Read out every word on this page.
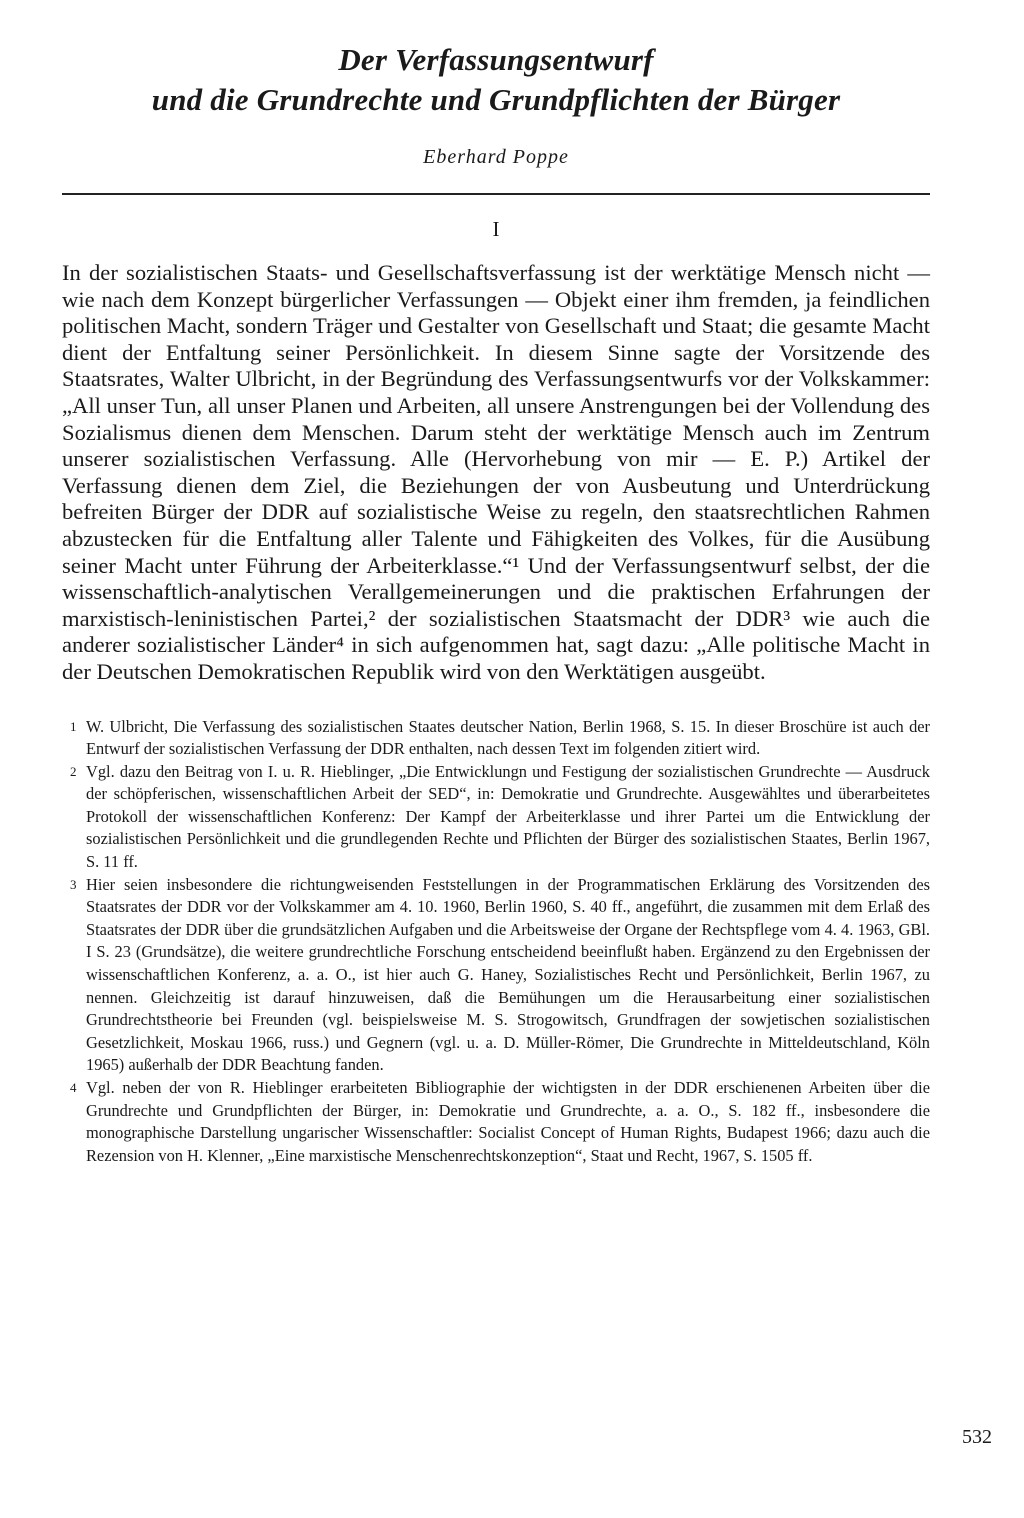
Der Verfassungsentwurf
und die Grundrechte und Grundpflichten der Bürger
Eberhard Poppe
I

In der sozialistischen Staats- und Gesellschaftsverfassung ist der werktätige Mensch nicht — wie nach dem Konzept bürgerlicher Verfassungen — Objekt einer ihm fremden, ja feindlichen politischen Macht, sondern Träger und Gestalter von Gesellschaft und Staat; die gesamte Macht dient der Entfaltung seiner Persönlichkeit. In diesem Sinne sagte der Vorsitzende des Staatsrates, Walter Ulbricht, in der Begründung des Verfassungsentwurfs vor der Volkskammer: „All unser Tun, all unser Planen und Arbeiten, all unsere Anstrengungen bei der Vollendung des Sozialismus dienen dem Menschen. Darum steht der werktätige Mensch auch im Zentrum unserer sozialistischen Verfassung. Alle (Hervorhebung von mir — E. P.) Artikel der Verfassung dienen dem Ziel, die Beziehungen der von Ausbeutung und Unterdrückung befreiten Bürger der DDR auf sozialistische Weise zu regeln, den staatsrechtlichen Rahmen abzustecken für die Entfaltung aller Talente und Fähigkeiten des Volkes, für die Ausübung seiner Macht unter Führung der Arbeiterklasse.“¹ Und der Verfassungsentwurf selbst, der die wissenschaftlich-analytischen Verallgemeinerungen und die praktischen Erfahrungen der marxistisch-leninistischen Partei,² der sozialistischen Staatsmacht der DDR³ wie auch die anderer sozialistischer Länder⁴ in sich aufgenommen hat, sagt dazu: „Alle politische Macht in der Deutschen Demokratischen Republik wird von den Werktätigen ausgeübt.

1 W. Ulbricht, Die Verfassung des sozialistischen Staates deutscher Nation, Berlin 1968, S. 15. In dieser Broschüre ist auch der Entwurf der sozialistischen Verfassung der DDR enthalten, nach dessen Text im folgenden zitiert wird.
2 Vgl. dazu den Beitrag von I. u. R. Hieblinger, „Die Entwicklungn und Festigung der sozialistischen Grundrechte — Ausdruck der schöpferischen, wissenschaftlichen Arbeit der SED“, in: Demokratie und Grundrechte. Ausgewähltes und überarbeitetes Protokoll der wissenschaftlichen Konferenz: Der Kampf der Arbeiterklasse und ihrer Partei um die Entwicklung der sozialistischen Persönlichkeit und die grundlegenden Rechte und Pflichten der Bürger des sozialistischen Staates, Berlin 1967, S. 11 ff.
3 Hier seien insbesondere die richtungweisenden Feststellungen in der Programmatischen Erklärung des Vorsitzenden des Staatsrates der DDR vor der Volkskammer am 4. 10. 1960, Berlin 1960, S. 40 ff., angeführt, die zusammen mit dem Erlaß des Staatsrates der DDR über die grundsätzlichen Aufgaben und die Arbeitsweise der Organe der Rechtspflege vom 4. 4. 1963, GBl. I S. 23 (Grundsätze), die weitere grundrechtliche Forschung entscheidend beeinflußt haben. Ergänzend zu den Ergebnissen der wissenschaftlichen Konferenz, a. a. O., ist hier auch G. Haney, Sozialistisches Recht und Persönlichkeit, Berlin 1967, zu nennen. Gleichzeitig ist darauf hinzuweisen, daß die Bemühungen um die Herausarbeitung einer sozialistischen Grundrechtstheorie bei Freunden (vgl. beispielsweise M. S. Strogowitsch, Grundfragen der sowjetischen sozialistischen Gesetzlichkeit, Moskau 1966, russ.) und Gegnern (vgl. u. a. D. Müller-Römer, Die Grundrechte in Mitteldeutschland, Köln 1965) außerhalb der DDR Beachtung fanden.
4 Vgl. neben der von R. Hieblinger erarbeiteten Bibliographie der wichtigsten in der DDR erschienenen Arbeiten über die Grundrechte und Grundpflichten der Bürger, in: Demokratie und Grundrechte, a. a. O., S. 182 ff., insbesondere die monographische Darstellung ungarischer Wissenschaftler: Socialist Concept of Human Rights, Budapest 1966; dazu auch die Rezension von H. Klenner, „Eine marxistische Menschenrechtskonzeption“, Staat und Recht, 1967, S. 1505 ff.
532
